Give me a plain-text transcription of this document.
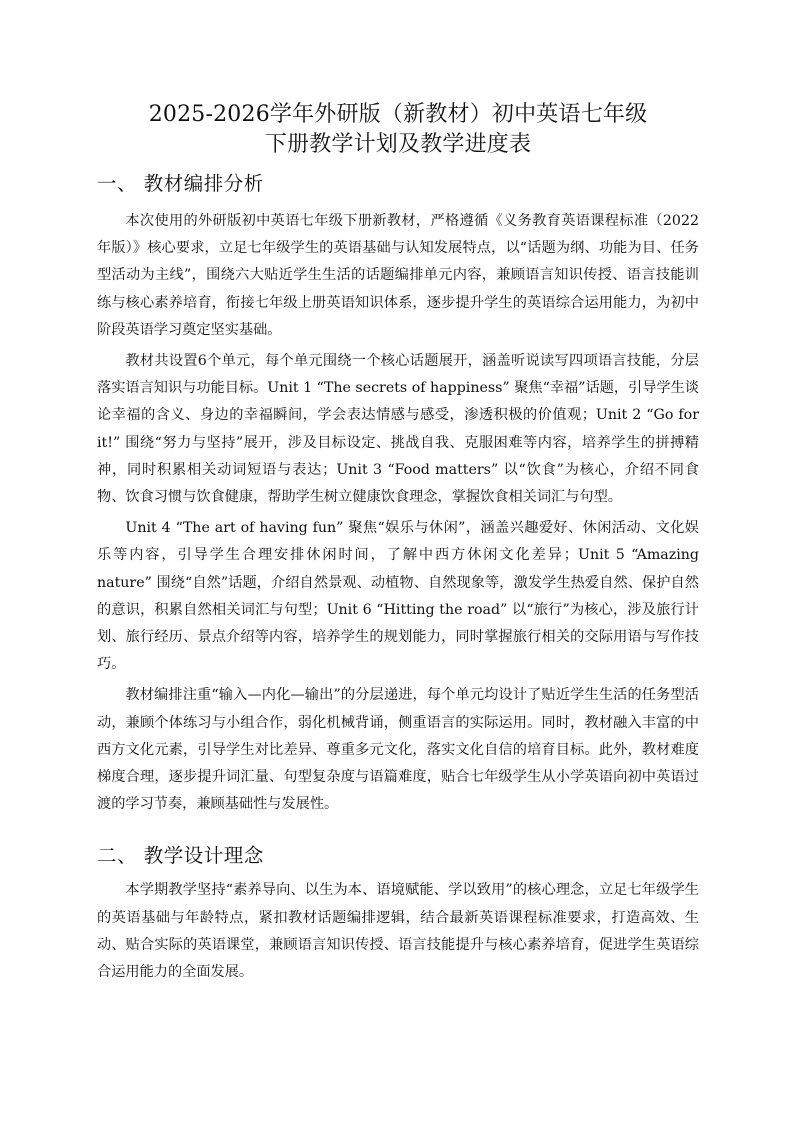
2025-2026学年外研版（新教材）初中英语七年级
下册教学计划及教学进度表
一、 教材编排分析

本次使用的外研版初中英语七年级下册新教材，严格遵循《义务教育英语课程标准（2022年版）》核心要求，立足七年级学生的英语基础与认知发展特点，以“话题为纲、功能为目、任务型活动为主线”，围绕六大贴近学生生活的话题编排单元内容，兼顾语言知识传授、语言技能训练与核心素养培育，衔接七年级上册英语知识体系，逐步提升学生的英语综合运用能力，为初中阶段英语学习奠定坚实基础。

教材共设置6个单元，每个单元围绕一个核心话题展开，涵盖听说读写四项语言技能，分层落实语言知识与功能目标。Unit 1 “The secrets of happiness” 聚焦“幸福”话题，引导学生谈论幸福的含义、身边的幸福瞬间，学会表达情感与感受，渗透积极的价值观；Unit 2 “Go for it!” 围绕“努力与坚持”展开，涉及目标设定、挑战自我、克服困难等内容，培养学生的拼搏精神，同时积累相关动词短语与表达；Unit 3 “Food matters” 以“饮食”为核心，介绍不同食物、饮食习惯与饮食健康，帮助学生树立健康饮食理念，掌握饮食相关词汇与句型。

Unit 4 “The art of having fun” 聚焦“娱乐与休闲”，涵盖兴趣爱好、休闲活动、文化娱乐等内容，引导学生合理安排休闲时间，了解中西方休闲文化差异；Unit 5 “Amazing nature” 围绕“自然”话题，介绍自然景观、动植物、自然现象等，激发学生热爱自然、保护自然的意识，积累自然相关词汇与句型；Unit 6 “Hitting the road” 以“旅行”为核心，涉及旅行计划、旅行经历、景点介绍等内容，培养学生的规划能力，同时掌握旅行相关的交际用语与写作技巧。

教材编排注重“输入—内化—输出”的分层递进，每个单元均设计了贴近学生生活的任务型活动，兼顾个体练习与小组合作，弱化机械背诵，侧重语言的实际运用。同时，教材融入丰富的中西方文化元素，引导学生对比差异、尊重多元文化，落实文化自信的培育目标。此外，教材难度梯度合理，逐步提升词汇量、句型复杂度与语篇难度，贴合七年级学生从小学英语向初中英语过渡的学习节奏，兼顾基础性与发展性。

二、 教学设计理念

本学期教学坚持“素养导向、以生为本、语境赋能、学以致用”的核心理念，立足七年级学生的英语基础与年龄特点，紧扣教材话题编排逻辑，结合最新英语课程标准要求，打造高效、生动、贴合实际的英语课堂，兼顾语言知识传授、语言技能提升与核心素养培育，促进学生英语综合运用能力的全面发展。
